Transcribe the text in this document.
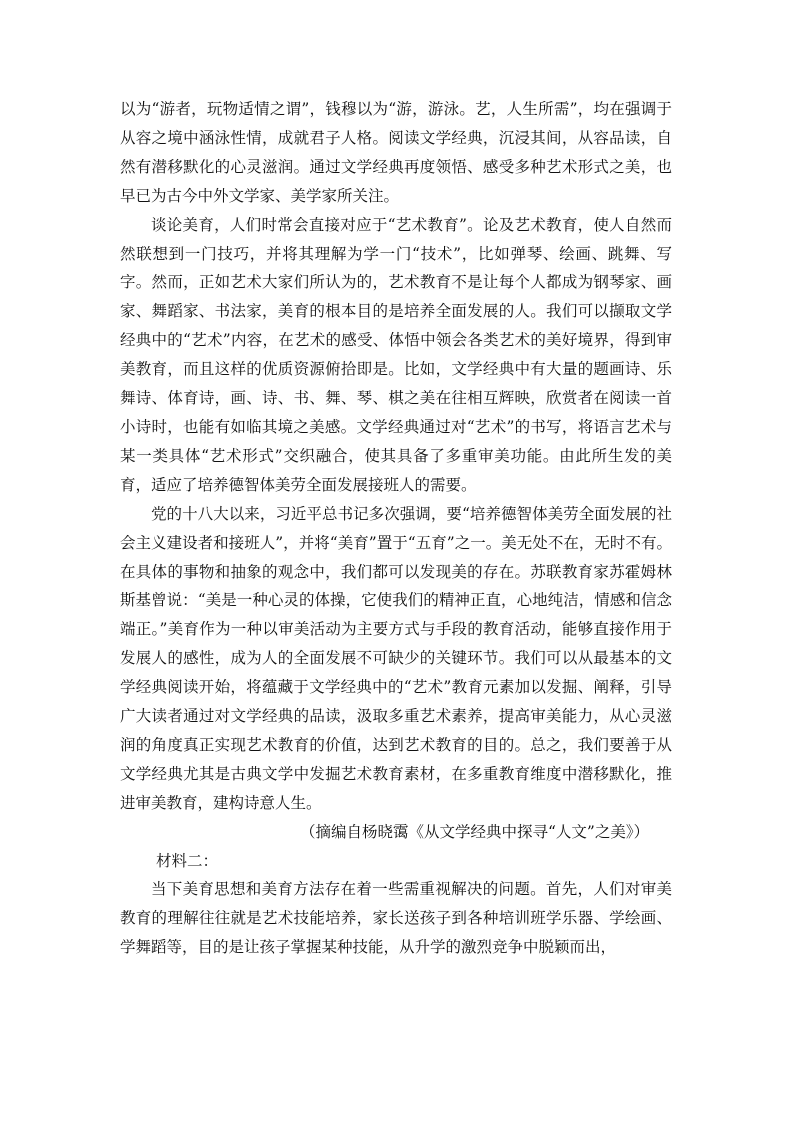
以为“游者，玩物适情之谓”，钱穆以为“游，游泳。艺，人生所需”，均在强调于从容之境中涵泳性情，成就君子人格。阅读文学经典，沉浸其间，从容品读，自然有潜移默化的心灵滋润。通过文学经典再度领悟、感受多种艺术形式之美，也早已为古今中外文学家、美学家所关注。

谈论美育，人们时常会直接对应于“艺术教育”。论及艺术教育，使人自然而然联想到一门技巧，并将其理解为学一门“技术”，比如弹琴、绘画、跳舞、写字。然而，正如艺术大家们所认为的，艺术教育不是让每个人都成为钢琴家、画家、舞蹈家、书法家，美育的根本目的是培养全面发展的人。我们可以撷取文学经典中的“艺术”内容，在艺术的感受、体悟中领会各类艺术的美好境界，得到审美教育，而且这样的优质资源俯拾即是。比如，文学经典中有大量的题画诗、乐舞诗、体育诗，画、诗、书、舞、琴、棋之美在往相互辉映，欣赏者在阅读一首小诗时，也能有如临其境之美感。文学经典通过对“艺术”的书写，将语言艺术与某一类具体“艺术形式”交织融合，使其具备了多重审美功能。由此所生发的美育，适应了培养德智体美劳全面发展接班人的需要。

党的十八大以来，习近平总书记多次强调，要“培养德智体美劳全面发展的社会主义建设者和接班人”，并将“美育”置于“五育”之一。美无处不在，无时不有。在具体的事物和抽象的观念中，我们都可以发现美的存在。苏联教育家苏霍姆林斯基曾说：“美是一种心灵的体操，它使我们的精神正直，心地纯洁，情感和信念端正。”美育作为一种以审美活动为主要方式与手段的教育活动，能够直接作用于发展人的感性，成为人的全面发展不可缺少的关键环节。我们可以从最基本的文学经典阅读开始，将蕴藏于文学经典中的“艺术”教育元素加以发掘、阐释，引导广大读者通过对文学经典的品读，汲取多重艺术素养，提高审美能力，从心灵滋润的角度真正实现艺术教育的价值，达到艺术教育的目的。总之，我们要善于从文学经典尤其是古典文学中发掘艺术教育素材，在多重教育维度中潜移默化，推进审美教育，建构诗意人生。

（摘编自杨晓霭《从文学经典中探寻“人文”之美》）

材料二：

当下美育思想和美育方法存在着一些需重视解决的问题。首先，人们对审美教育的理解往往就是艺术技能培养，家长送孩子到各种培训班学乐器、学绘画、学舞蹈等，目的是让孩子掌握某种技能，从升学的激烈竞争中脱颖而出，
